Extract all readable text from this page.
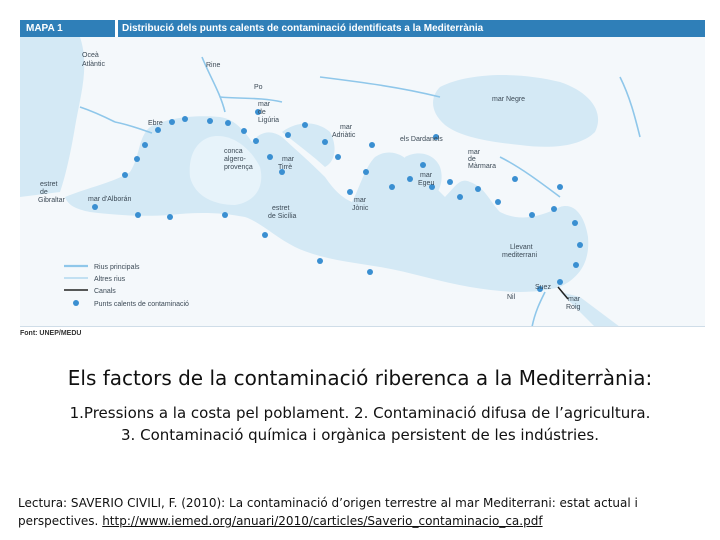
MAPA 1	Distribució dels punts calents de contaminació identificats a la Mediterrània
Oceà
Atlàntic	Rine
Po
mar
de
Ligúria
Ebre
mar
Adriàtic
mar Negre
els Dardanels
mar
de
Màrmara
conca
algero-
provença
mar
Tirrè
mar
Egeu
estret
de
Gibraltar	mar d'Alborán
estret
de Sicília
mar
Jònic
Llevant
mediterrani
Suez
Nil	mar
Roig
Rius principals
Altres rius
Canals
Punts calents de contaminació
Font: UNEP/MEDU
Els factors de la contaminació riberenca a la Mediterrània:
1.Pressions a la costa pel poblament. 2. Contaminació difusa de l’agricultura.
3. Contaminació química i orgànica persistent de les indústries.
Lectura: SAVERIO CIVILI, F. (2010): La contaminació d’origen terrestre al mar Mediterrani: estat actual i perspectives. http://www.iemed.org/anuari/2010/carticles/Saverio_contaminacio_ca.pdf
